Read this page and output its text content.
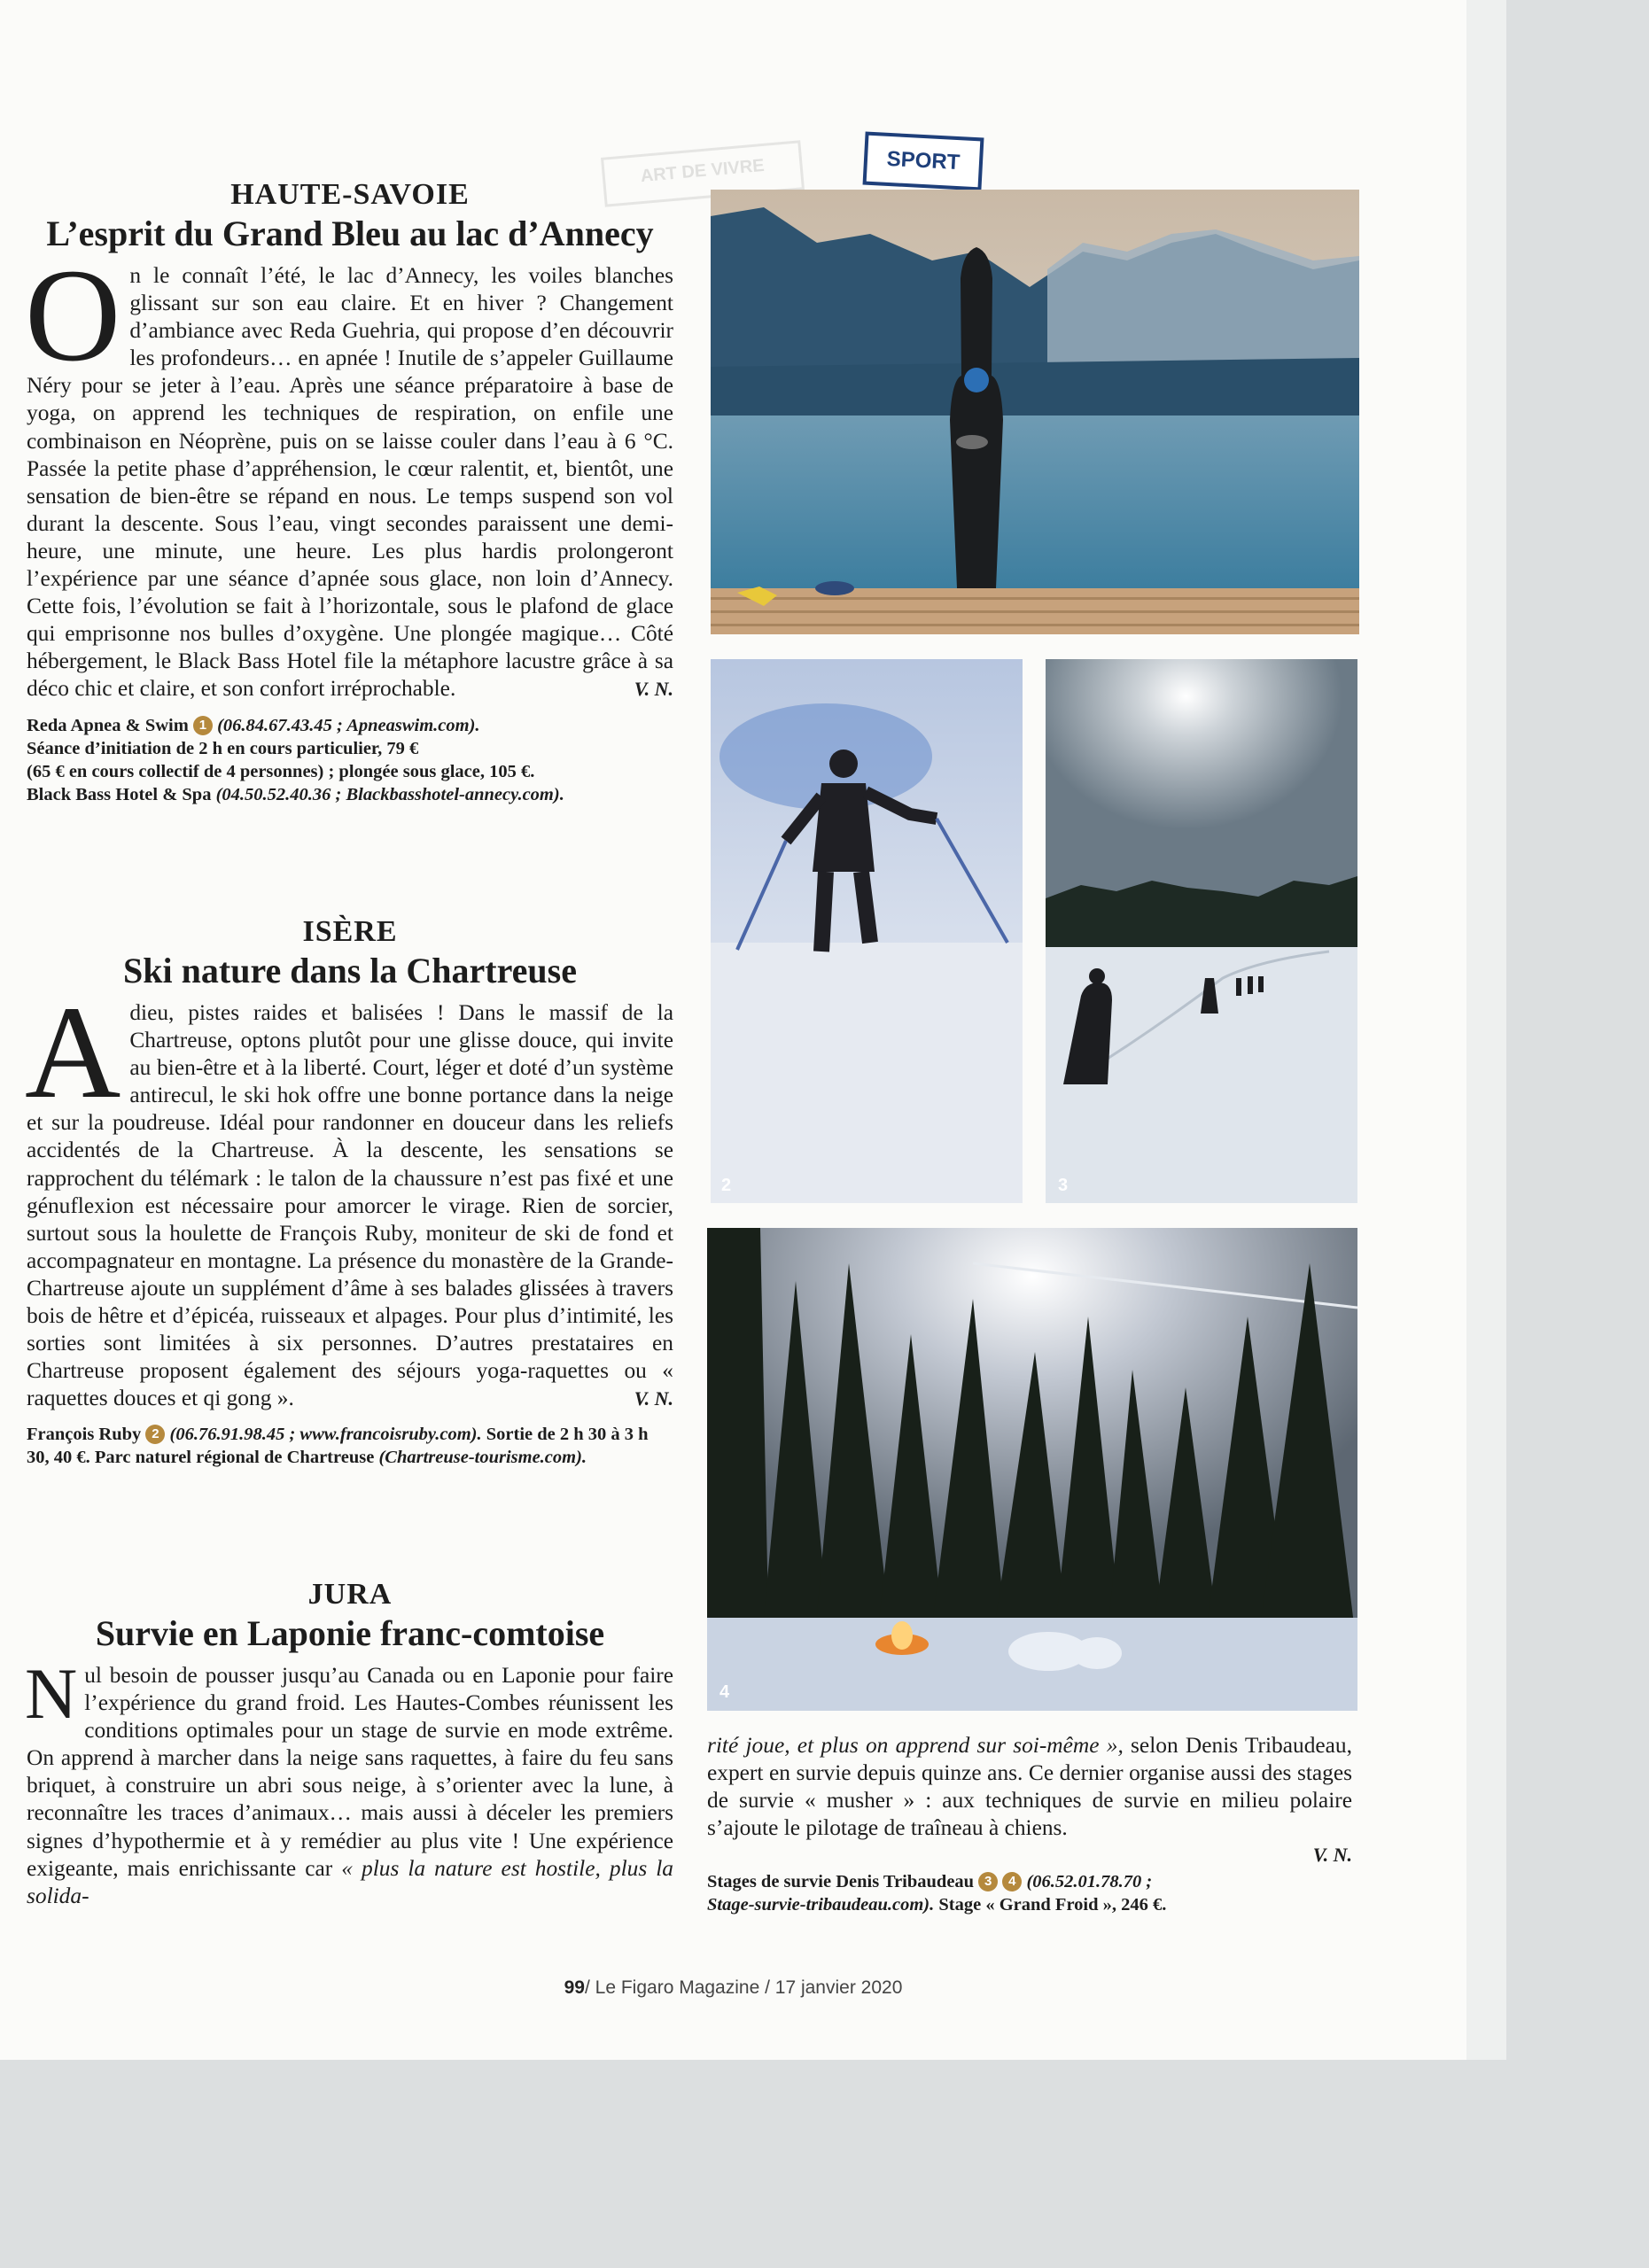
ART DE VIVRE	SPORT

HAUTE-SAVOIE

L’esprit du Grand Bleu au lac d’Annecy

On le connaît l’été, le lac d’Annecy, les voiles blanches glissant sur son eau claire. Et en hiver ? Changement d’ambiance avec Reda Guehria, qui propose d’en découvrir les profondeurs… en apnée ! Inutile de s’appeler Guillaume Néry pour se jeter à l’eau. Après une séance préparatoire à base de yoga, on apprend les techniques de respiration, on enfile une combinaison en Néoprène, puis on se laisse couler dans l’eau à 6 °C. Passée la petite phase d’appréhension, le cœur ralentit, et, bientôt, une sensation de bien-être se répand en nous. Le temps suspend son vol durant la descente. Sous l’eau, vingt secondes paraissent une demi-heure, une minute, une heure. Les plus hardis prolongeront l’expérience par une séance d’apnée sous glace, non loin d’Annecy. Cette fois, l’évolution se fait à l’horizontale, sous le plafond de glace qui emprisonne nos bulles d’oxygène. Une plongée magique… Côté hébergement, le Black Bass Hotel file la métaphore lacustre grâce à sa déco chic et claire, et son confort irréprochable.	V. N.

Reda Apnea & Swim 1 (06.84.67.43.45 ; Apneaswim.com).
Séance d’initiation de 2 h en cours particulier, 79 €
(65 € en cours collectif de 4 personnes) ; plongée sous glace, 105 €.
Black Bass Hotel & Spa (04.50.52.40.36 ; Blackbasshotel-annecy.com).

ISÈRE

Ski nature dans la Chartreuse

Adieu, pistes raides et balisées ! Dans le massif de la Chartreuse, optons plutôt pour une glisse douce, qui invite au bien-être et à la liberté. Court, léger et doté d’un système antirecul, le ski hok offre une bonne portance dans la neige et sur la poudreuse. Idéal pour randonner en douceur dans les reliefs accidentés de la Chartreuse. À la descente, les sensations se rapprochent du télémark : le talon de la chaussure n’est pas fixé et une génuflexion est nécessaire pour amorcer le virage. Rien de sorcier, surtout sous la houlette de François Ruby, moniteur de ski de fond et accompagnateur en montagne. La présence du monastère de la Grande-Chartreuse ajoute un supplément d’âme à ses balades glissées à travers bois de hêtre et d’épicéa, ruisseaux et alpages. Pour plus d’intimité, les sorties sont limitées à six personnes. D’autres prestataires en Chartreuse proposent également des séjours yoga-raquettes ou « raquettes douces et qi gong ».	V. N.

François Ruby 2 (06.76.91.98.45 ; www.francoisruby.com). Sortie de 2 h 30 à 3 h 30, 40 €. Parc naturel régional de Chartreuse (Chartreuse-tourisme.com).

JURA

Survie en Laponie franc-comtoise

Nul besoin de pousser jusqu’au Canada ou en Laponie pour faire l’expérience du grand froid. Les Hautes-Combes réunissent les conditions optimales pour un stage de survie en mode extrême. On apprend à marcher dans la neige sans raquettes, à faire du feu sans briquet, à construire un abri sous neige, à s’orienter avec la lune, à reconnaître les traces d’animaux… mais aussi à déceler les premiers signes d’hypothermie et à y remédier au plus vite ! Une expérience exigeante, mais enrichissante car « plus la nature est hostile, plus la solida-

rité joue, et plus on apprend sur soi-même », selon Denis Tribaudeau, expert en survie depuis quinze ans. Ce dernier organise aussi des stages de survie « musher » : aux techniques de survie en milieu polaire s’ajoute le pilotage de traîneau à chiens.

V. N.
Stages de survie Denis Tribaudeau 3 4 (06.52.01.78.70 ;
Stage-survie-tribaudeau.com). Stage « Grand Froid », 246 €.
2	3
4
99/ Le Figaro Magazine / 17 janvier 2020
